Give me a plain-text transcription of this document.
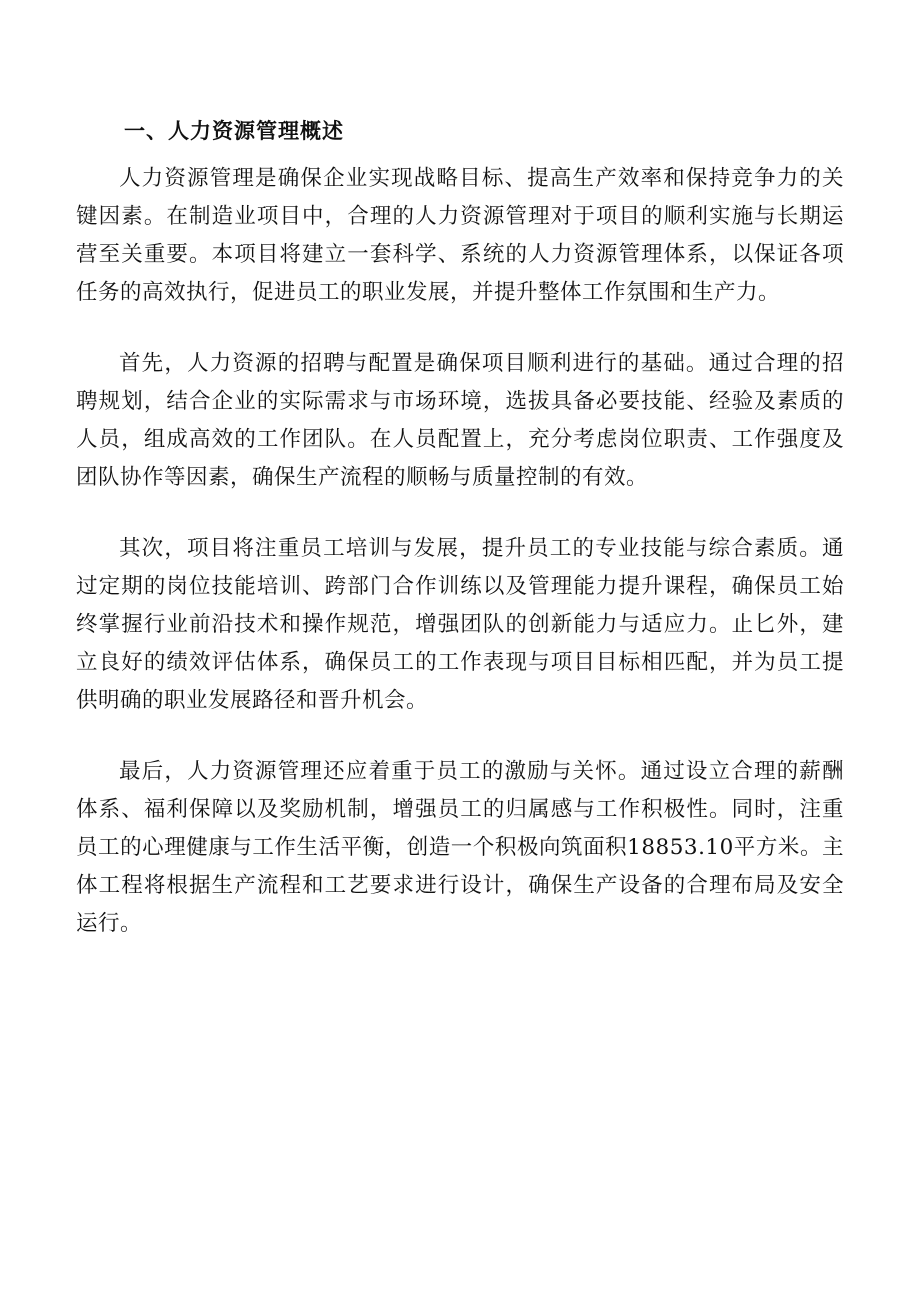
一、人力资源管理概述

人力资源管理是确保企业实现战略目标、提高生产效率和保持竞争力的关键因素。在制造业项目中，合理的人力资源管理对于项目的顺利实施与长期运营至关重要。本项目将建立一套科学、系统的人力资源管理体系，以保证各项任务的高效执行，促进员工的职业发展，并提升整体工作氛围和生产力。

首先，人力资源的招聘与配置是确保项目顺利进行的基础。通过合理的招聘规划，结合企业的实际需求与市场环境，选拔具备必要技能、经验及素质的人员，组成高效的工作团队。在人员配置上，充分考虑岗位职责、工作强度及团队协作等因素，确保生产流程的顺畅与质量控制的有效。

其次，项目将注重员工培训与发展，提升员工的专业技能与综合素质。通过定期的岗位技能培训、跨部门合作训练以及管理能力提升课程，确保员工始终掌握行业前沿技术和操作规范，增强团队的创新能力与适应力。止匕外，建立良好的绩效评估体系，确保员工的工作表现与项目目标相匹配，并为员工提供明确的职业发展路径和晋升机会。

最后，人力资源管理还应着重于员工的激励与关怀。通过设立合理的薪酬体系、福利保障以及奖励机制，增强员工的归属感与工作积极性。同时，注重员工的心理健康与工作生活平衡，创造一个积极向筑面积18853.10平方米。主体工程将根据生产流程和工艺要求进行设计，确保生产设备的合理布局及安全运行。
